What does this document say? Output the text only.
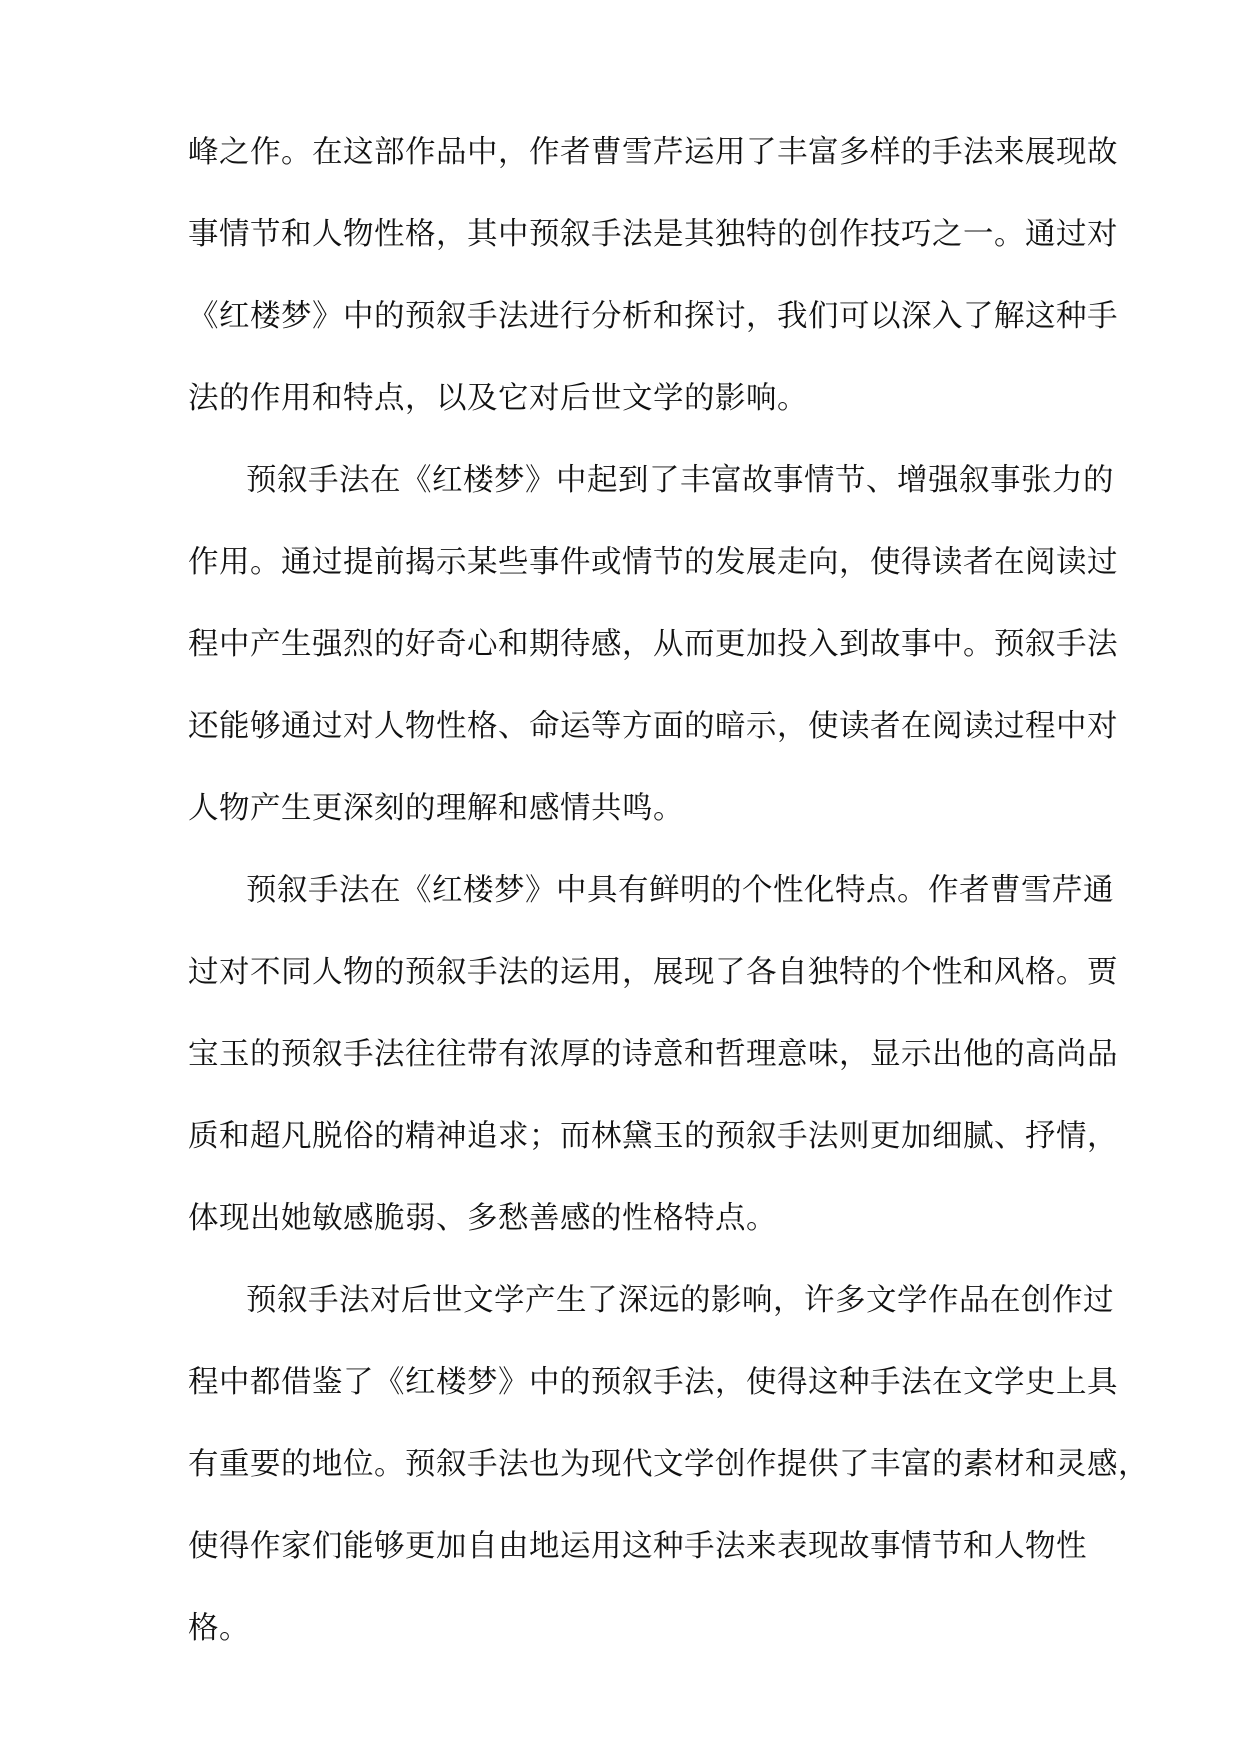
峰之作。在这部作品中，作者曹雪芹运用了丰富多样的手法来展现故
事情节和人物性格，其中预叙手法是其独特的创作技巧之一。通过对
《红楼梦》中的预叙手法进行分析和探讨，我们可以深入了解这种手
法的作用和特点，以及它对后世文学的影响。
预叙手法在《红楼梦》中起到了丰富故事情节、增强叙事张力的
作用。通过提前揭示某些事件或情节的发展走向，使得读者在阅读过
程中产生强烈的好奇心和期待感，从而更加投入到故事中。预叙手法
还能够通过对人物性格、命运等方面的暗示，使读者在阅读过程中对
人物产生更深刻的理解和感情共鸣。
预叙手法在《红楼梦》中具有鲜明的个性化特点。作者曹雪芹通
过对不同人物的预叙手法的运用，展现了各自独特的个性和风格。贾
宝玉的预叙手法往往带有浓厚的诗意和哲理意味，显示出他的高尚品
质和超凡脱俗的精神追求；而林黛玉的预叙手法则更加细腻、抒情，
体现出她敏感脆弱、多愁善感的性格特点。
预叙手法对后世文学产生了深远的影响，许多文学作品在创作过
程中都借鉴了《红楼梦》中的预叙手法，使得这种手法在文学史上具
有重要的地位。预叙手法也为现代文学创作提供了丰富的素材和灵感，
使得作家们能够更加自由地运用这种手法来表现故事情节和人物性
格。
